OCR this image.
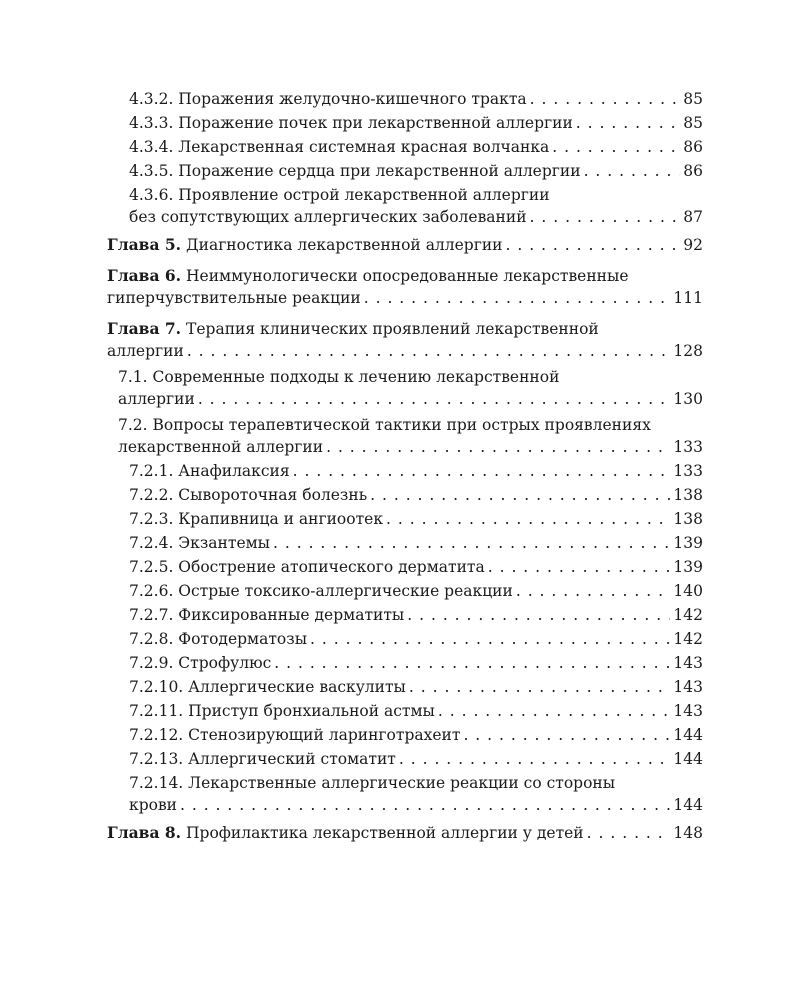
4.3.2. Поражения желудочно-кишечного тракта . . .	85
4.3.3. Поражение почек при лекарственной аллергии . . .	85
4.3.4. Лекарственная системная красная волчанка . . .	86
4.3.5. Поражение сердца при лекарственной аллергии . . .	86
4.3.6. Проявление острой лекарственной аллергии
без сопутствующих аллергических заболеваний . . .	87
Глава 5. Диагностика лекарственной аллергии . . .	92
Глава 6. Неиммунологически опосредованные лекарственные
гиперчувствительные реакции . . .	111
Глава 7. Терапия клинических проявлений лекарственной
аллергии . . .	128
7.1. Современные подходы к лечению лекарственной
аллергии . . .	130
7.2. Вопросы терапевтической тактики при острых проявлениях
лекарственной аллергии . . .	133
7.2.1. Анафилаксия . . .	133
7.2.2. Сывороточная болезнь . . .	138
7.2.3. Крапивница и ангиоотек . . .	138
7.2.4. Экзантемы . . .	139
7.2.5. Обострение атопического дерматита . . .	139
7.2.6. Острые токсико-аллергические реакции . . .	140
7.2.7. Фиксированные дерматиты . . .	142
7.2.8. Фотодерматозы . . .	142
7.2.9. Строфулюс . . .	143
7.2.10. Аллергические васкулиты . . .	143
7.2.11. Приступ бронхиальной астмы . . .	143
7.2.12. Стенозирующий ларинготрахеит . . .	144
7.2.13. Аллергический стоматит . . .	144
7.2.14. Лекарственные аллергические реакции со стороны
крови . . .	144
Глава 8. Профилактика лекарственной аллергии у детей . . .	148
